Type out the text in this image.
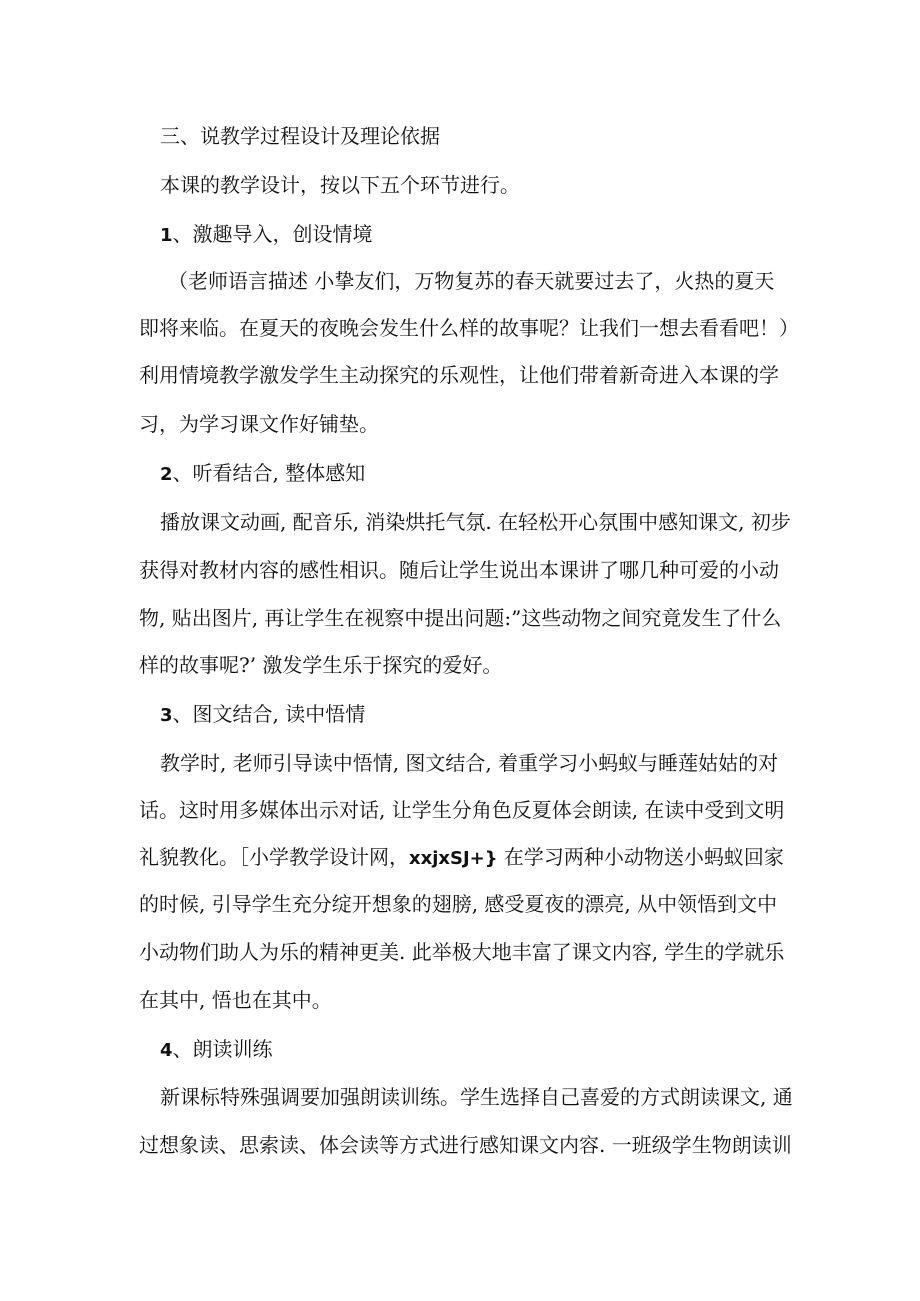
三、说教学过程设计及理论依据
本课的教学设计，按以下五个环节进行。
1、激趣导入，创设情境
（老师语言描述 小挚友们，万物复苏的春天就要过去了，火热的夏天
即将来临。在夏天的夜晚会发生什么样的故事呢？让我们一想去看看吧！）
利用情境教学激发学生主动探究的乐观性，让他们带着新奇进入本课的学
习，为学习课文作好铺垫。
2、听看结合, 整体感知
播放课文动画, 配音乐, 消染烘托气氛. 在轻松开心氛围中感知课文, 初步
获得对教材内容的感性相识。随后让学生说出本课讲了哪几种可爱的小动
物, 贴出图片, 再让学生在视察中提出问题:”这些动物之间究竟发生了什么
样的故事呢?’ 激发学生乐于探究的爱好。
3、图文结合, 读中悟情
教学时, 老师引导读中悟情, 图文结合, 着重学习小蚂蚁与睡莲姑姑的对
话。这时用多媒体出示对话, 让学生分角色反夏体会朗读, 在读中受到文明
礼貌教化。［小学教学设计网，xxjxSJ+} 在学习两种小动物送小蚂蚁回家
的时候, 引导学生充分绽开想象的翅膀, 感受夏夜的漂亮, 从中领悟到文中
小动物们助人为乐的精神更美. 此举极大地丰富了课文内容, 学生的学就乐
在其中, 悟也在其中。
4、朗读训练
新课标特殊强调要加强朗读训练。学生选择自己喜爱的方式朗读课文, 通
过想象读、思索读、体会读等方式进行感知课文内容. 一班级学生物朗读训
